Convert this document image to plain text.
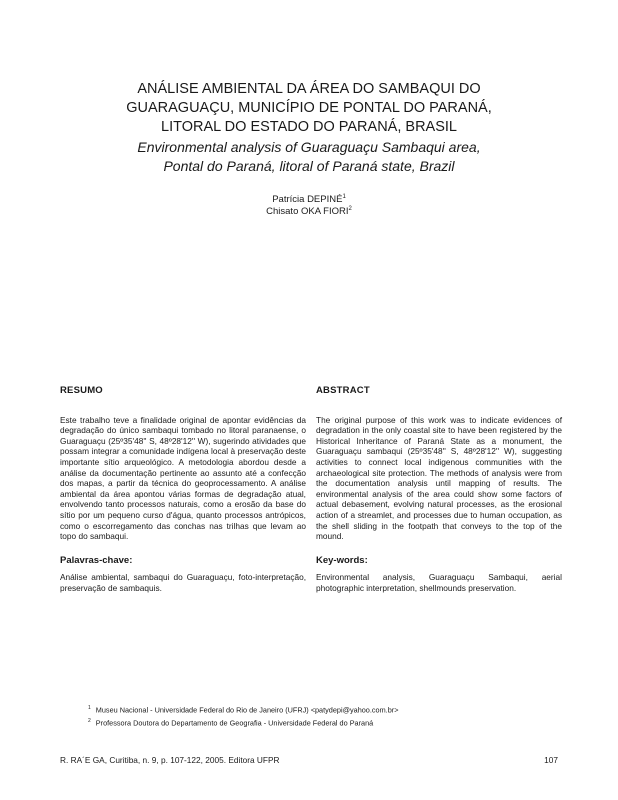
ANÁLISE AMBIENTAL DA ÁREA DO SAMBAQUI DO
GUARAGUAÇU, MUNICÍPIO DE PONTAL DO PARANÁ,
LITORAL DO ESTADO DO PARANÁ, BRASIL
Environmental analysis of Guaraguaçu Sambaqui area,
Pontal do Paraná, litoral of Paraná state, Brazil
Patrícia DEPINÉ$^1$
Chisato OKA FIORI$^2$
RESUMO

Este trabalho teve a finalidade original de apontar evidências da degradação do único sambaqui tombado no litoral paranaense, o Guaraguaçu (25º35'48'' S, 48º28'12'' W), sugerindo atividades que possam integrar a comunidade indígena local à preservação deste importante sítio arqueológico. A metodologia abordou desde a análise da documentação pertinente ao assunto até a confecção dos mapas, a partir da técnica do geoprocessamento. A análise ambiental da área apontou várias formas de degradação atual, envolvendo tanto processos naturais, como a erosão da base do sítio por um pequeno curso d'água, quanto processos antrópicos, como o escorregamento das conchas nas trilhas que levam ao topo do sambaqui.

Palavras-chave:

Análise ambiental, sambaqui do Guaraguaçu, foto-interpretação, preservação de sambaquis.

ABSTRACT

The original purpose of this work was to indicate evidences of degradation in the only coastal site to have been registered by the Historical Inheritance of Paraná State as a monument, the Guaraguaçu sambaqui (25º35'48'' S, 48º28'12'' W), suggesting activities to connect local indigenous communities with the archaeological site protection. The methods of analysis were from the documentation analysis until mapping of results. The environmental analysis of the area could show some factors of actual debasement, evolving natural processes, as the erosional action of a streamlet, and processes due to human occupation, as the shell sliding in the footpath that conveys to the top of the mound.

Key-words:

Environmental analysis, Guaraguaçu Sambaqui, aerial photographic interpretation, shellmounds preservation.

$^1$ Museu Nacional - Universidade Federal do Rio de Janeiro (UFRJ) <patydepi@yahoo.com.br>
$^2$ Professora Doutora do Departamento de Geografia - Universidade Federal do Paraná
R. RA´E GA, Curitiba, n. 9, p. 107-122, 2005. Editora UFPR	107
